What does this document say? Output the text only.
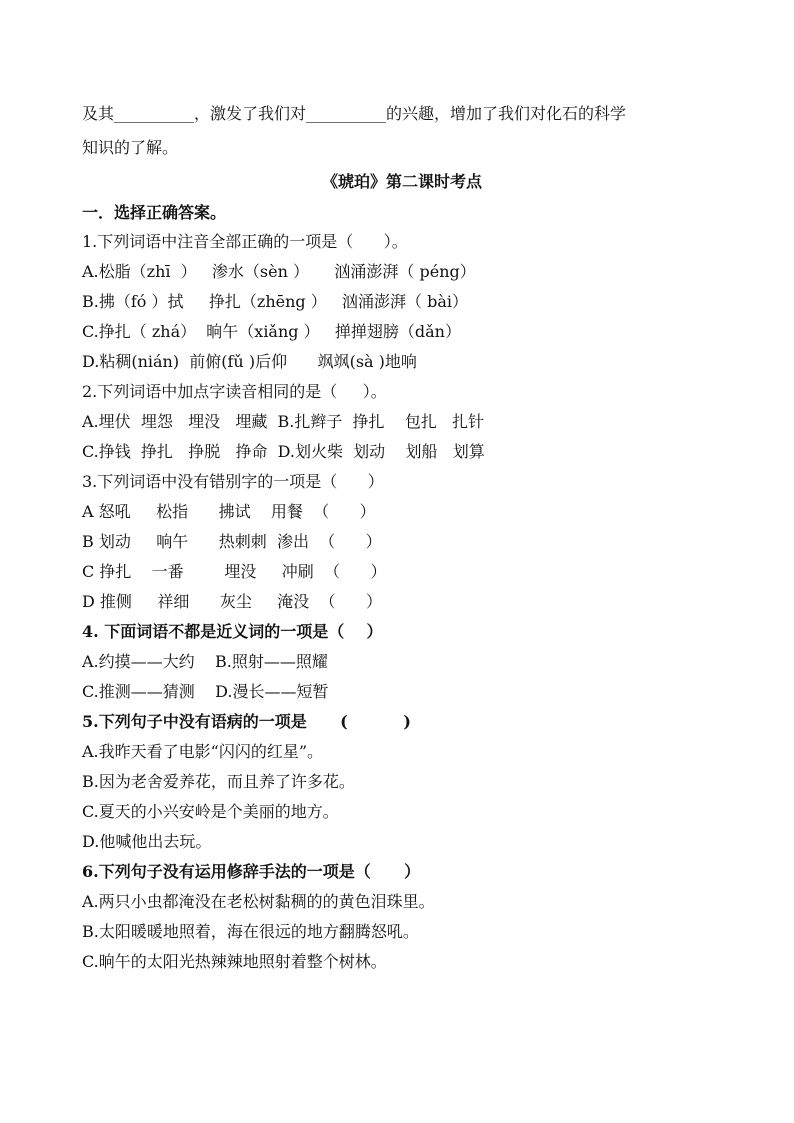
及其__________，激发了我们对__________的兴趣，增加了我们对化石的科学

知识的了解。

《琥珀》第二课时考点

一．选择正确答案。

1.下列词语中注音全部正确的一项是（      ）。

A.松脂（zhī  ）   渗水（sèn ）     汹涌澎湃（ péng）

B.拂（fó ）拭     挣扎（zhēng ）   汹涌澎湃（ bài）

C.挣扎（ zhá）  晌午（xiǎng ）   掸掸翅膀（dǎn）

D.粘稠(nián)  前俯(fǔ )后仰      飒飒(sà )地响

2.下列词语中加点字读音相同的是（     ）。

A.埋伏  埋怨   埋没   埋藏  B.扎辫子  挣扎    包扎   扎针

C.挣钱  挣扎   挣脱   挣命  D.划火柴  划动    划船   划算

3.下列词语中没有错别字的一项是（      ）

A 怒吼     松指      拂试    用餐  （      ）

B 划动     响午      热刺刺  渗出  （      ）

C 挣扎    一番        埋没     冲刷  （      ）

D 推侧     祥细      灰尘     淹没  （      ）

4. 下面词语不都是近义词的一项是（    ）

A.约摸——大约    B.照射——照耀

C.推测——猜测    D.漫长——短暂

5.下列句子中没有语病的一项是      (          )

A.我昨天看了电影“闪闪的红星”。

B.因为老舍爱养花，而且养了许多花。

C.夏天的小兴安岭是个美丽的地方。

D.他喊他出去玩。

6.下列句子没有运用修辞手法的一项是（      ）

A.两只小虫都淹没在老松树黏稠的的黄色泪珠里。

B.太阳暖暖地照着，海在很远的地方翻腾怒吼。

C.晌午的太阳光热辣辣地照射着整个树林。
